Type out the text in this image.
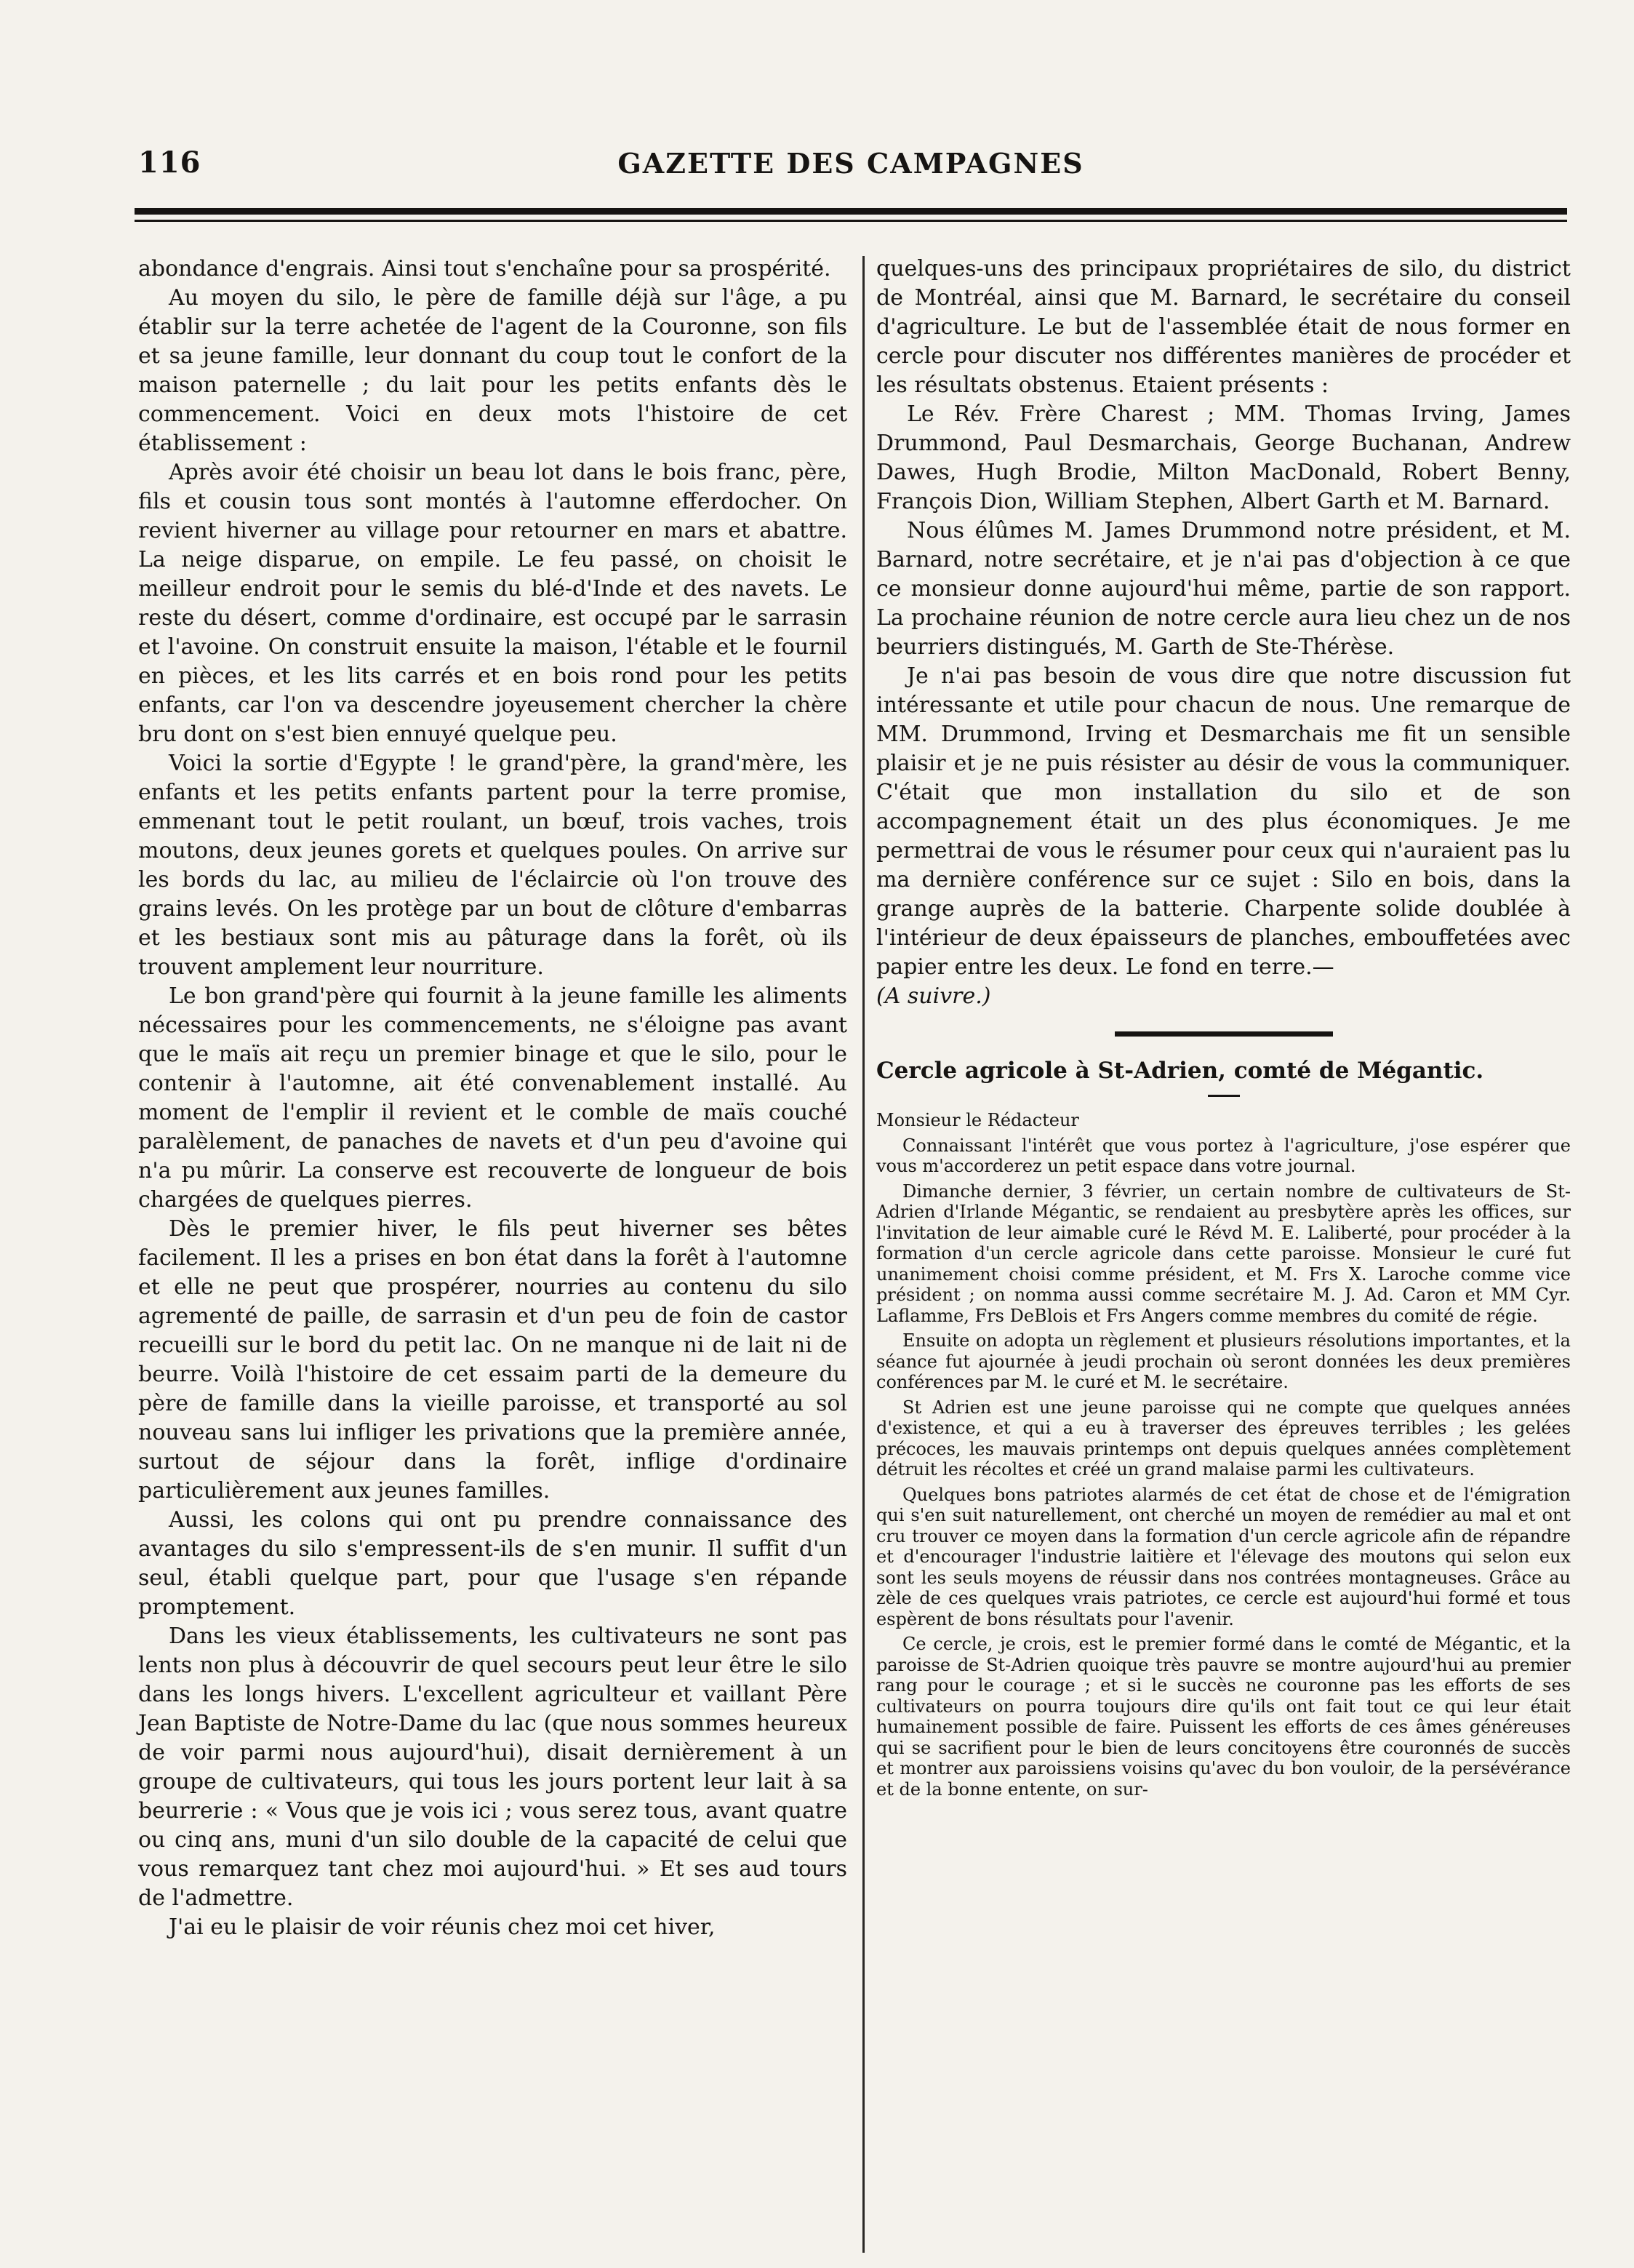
116	GAZETTE DES CAMPAGNES

abondance d'engrais. Ainsi tout s'enchaîne pour sa prospérité.

Au moyen du silo, le père de famille déjà sur l'âge, a pu établir sur la terre achetée de l'agent de la Couronne, son fils et sa jeune famille, leur donnant du coup tout le confort de la maison paternelle ; du lait pour les petits enfants dès le commencement. Voici en deux mots l'histoire de cet établissement :

Après avoir été choisir un beau lot dans le bois franc, père, fils et cousin tous sont montés à l'automne efferdocher. On revient hiverner au village pour retourner en mars et abattre. La neige disparue, on empile. Le feu passé, on choisit le meilleur endroit pour le semis du blé-d'Inde et des navets. Le reste du désert, comme d'ordinaire, est occupé par le sarrasin et l'avoine. On construit ensuite la maison, l'étable et le fournil en pièces, et les lits carrés et en bois rond pour les petits enfants, car l'on va descendre joyeusement chercher la chère bru dont on s'est bien ennuyé quelque peu.

Voici la sortie d'Egypte ! le grand'père, la grand'mère, les enfants et les petits enfants partent pour la terre promise, emmenant tout le petit roulant, un bœuf, trois vaches, trois moutons, deux jeunes gorets et quelques poules. On arrive sur les bords du lac, au milieu de l'éclaircie où l'on trouve des grains levés. On les protège par un bout de clôture d'embarras et les bestiaux sont mis au pâturage dans la forêt, où ils trouvent amplement leur nourriture.

Le bon grand'père qui fournit à la jeune famille les aliments nécessaires pour les commencements, ne s'éloigne pas avant que le maïs ait reçu un premier binage et que le silo, pour le contenir à l'automne, ait été convenablement installé. Au moment de l'emplir il revient et le comble de maïs couché paralèlement, de panaches de navets et d'un peu d'avoine qui n'a pu mûrir. La conserve est recouverte de longueur de bois chargées de quelques pierres.

Dès le premier hiver, le fils peut hiverner ses bêtes facilement. Il les a prises en bon état dans la forêt à l'automne et elle ne peut que prospérer, nourries au contenu du silo agrementé de paille, de sarrasin et d'un peu de foin de castor recueilli sur le bord du petit lac. On ne manque ni de lait ni de beurre. Voilà l'histoire de cet essaim parti de la demeure du père de famille dans la vieille paroisse, et transporté au sol nouveau sans lui infliger les privations que la première année, surtout de séjour dans la forêt, inflige d'ordinaire particulièrement aux jeunes familles.

Aussi, les colons qui ont pu prendre connaissance des avantages du silo s'empressent-ils de s'en munir. Il suffit d'un seul, établi quelque part, pour que l'usage s'en répande promptement.

Dans les vieux établissements, les cultivateurs ne sont pas lents non plus à découvrir de quel secours peut leur être le silo dans les longs hivers. L'excellent agriculteur et vaillant Père Jean Baptiste de Notre-Dame du lac (que nous sommes heureux de voir parmi nous aujourd'hui), disait dernièrement à un groupe de cultivateurs, qui tous les jours portent leur lait à sa beurrerie : « Vous que je vois ici ; vous serez tous, avant quatre ou cinq ans, muni d'un silo double de la capacité de celui que vous remarquez tant chez moi aujourd'hui. » Et ses aud tours de l'admettre.

J'ai eu le plaisir de voir réunis chez moi cet hiver,

quelques-uns des principaux propriétaires de silo, du district de Montréal, ainsi que M. Barnard, le secrétaire du conseil d'agriculture. Le but de l'assemblée était de nous former en cercle pour discuter nos différentes manières de procéder et les résultats obstenus. Etaient présents :

Le Rév. Frère Charest ; MM. Thomas Irving, James Drummond, Paul Desmarchais, George Buchanan, Andrew Dawes, Hugh Brodie, Milton MacDonald, Robert Benny, François Dion, William Stephen, Albert Garth et M. Barnard.

Nous élûmes M. James Drummond notre président, et M. Barnard, notre secrétaire, et je n'ai pas d'objection à ce que ce monsieur donne aujourd'hui même, partie de son rapport. La prochaine réunion de notre cercle aura lieu chez un de nos beurriers distingués, M. Garth de Ste-Thérèse.

Je n'ai pas besoin de vous dire que notre discussion fut intéressante et utile pour chacun de nous. Une remarque de MM. Drummond, Irving et Desmarchais me fit un sensible plaisir et je ne puis résister au désir de vous la communiquer. C'était que mon installation du silo et de son accompagnement était un des plus économiques. Je me permettrai de vous le résumer pour ceux qui n'auraient pas lu ma dernière conférence sur ce sujet : Silo en bois, dans la grange auprès de la batterie. Charpente solide doublée à l'intérieur de deux épaisseurs de planches, embouffetées avec papier entre les deux. Le fond en terre.—

(A suivre.)

Cercle agricole à St-Adrien, comté de Mégantic.

Monsieur le Rédacteur

Connaissant l'intérêt que vous portez à l'agriculture, j'ose espérer que vous m'accorderez un petit espace dans votre journal.

Dimanche dernier, 3 février, un certain nombre de cultivateurs de St-Adrien d'Irlande Mégantic, se rendaient au presbytère après les offices, sur l'invitation de leur aimable curé le Révd M. E. Laliberté, pour procéder à la formation d'un cercle agricole dans cette paroisse. Monsieur le curé fut unanimement choisi comme président, et M. Frs X. Laroche comme vice président ; on nomma aussi comme secrétaire M. J. Ad. Caron et MM Cyr. Laflamme, Frs DeBlois et Frs Angers comme membres du comité de régie.

Ensuite on adopta un règlement et plusieurs résolutions importantes, et la séance fut ajournée à jeudi prochain où seront données les deux premières conférences par M. le curé et M. le secrétaire.

St Adrien est une jeune paroisse qui ne compte que quelques années d'existence, et qui a eu à traverser des épreuves terribles ; les gelées précoces, les mauvais printemps ont depuis quelques années complètement détruit les récoltes et créé un grand malaise parmi les cultivateurs.

Quelques bons patriotes alarmés de cet état de chose et de l'émigration qui s'en suit naturellement, ont cherché un moyen de remédier au mal et ont cru trouver ce moyen dans la formation d'un cercle agricole afin de répandre et d'encourager l'industrie laitière et l'élevage des moutons qui selon eux sont les seuls moyens de réussir dans nos contrées montagneuses. Grâce au zèle de ces quelques vrais patriotes, ce cercle est aujourd'hui formé et tous espèrent de bons résultats pour l'avenir.

Ce cercle, je crois, est le premier formé dans le comté de Mégantic, et la paroisse de St-Adrien quoique très pauvre se montre aujourd'hui au premier rang pour le courage ; et si le succès ne couronne pas les efforts de ses cultivateurs on pourra toujours dire qu'ils ont fait tout ce qui leur était humainement possible de faire. Puissent les efforts de ces âmes généreuses qui se sacrifient pour le bien de leurs concitoyens être couronnés de succès et montrer aux paroissiens voisins qu'avec du bon vouloir, de la persévérance et de la bonne entente, on sur-
